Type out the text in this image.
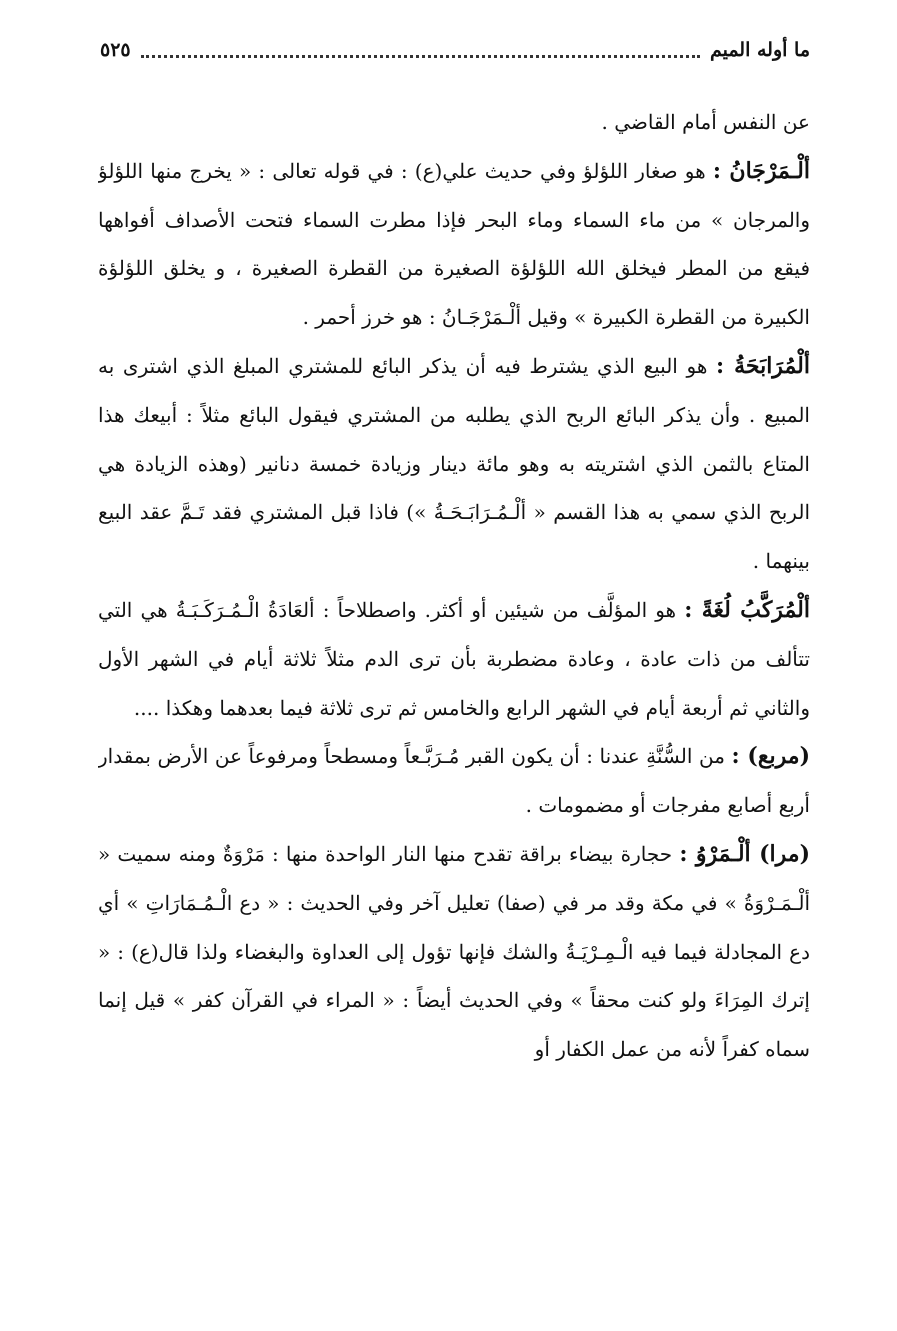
ما أوله الميم
٥٢٥

عن النفس أمام القاضي .

ألْـمَرْجَانُ : هو صغار اللؤلؤ وفي حديث علي(ع) : في قوله تعالى : « يخرج منها اللؤلؤ والمرجان » من ماء السماء وماء البحر فإذا مطرت السماء فتحت الأصداف أفواهها فيقع من المطر فيخلق الله اللؤلؤة الصغيرة من القطرة الصغيرة ، و يخلق اللؤلؤة الكبيرة من القطرة الكبيرة » وقيل ألْـمَرْجَـانُ : هو خرز أحمر .

ألْمُرَابَحَةُ : هو البيع الذي يشترط فيه أن يذكر البائع للمشتري المبلغ الذي اشترى به المبيع . وأن يذكر البائع الربح الذي يطلبه من المشتري فيقول البائع مثلاً : أبيعك هذا المتاع بالثمن الذي اشتريته به وهو مائة دينار وزيادة خمسة دنانير (وهذه الزيادة هي الربح الذي سمي به هذا القسم « ألْـمُـرَابَـحَـةُ ») فاذا قبل المشتري فقد تَـمَّ عقد البيع بينهما .

ألْمُرَكَّبُ لُغَةً : هو المؤلَّف من شيئين أو أكثر. واصطلاحاً : ألعَادَةُ الْـمُـرَكَـبَـةُ هي التي تتألف من ذات عادة ، وعادة مضطربة بأن ترى الدم مثلاً ثلاثة أيام في الشهر الأول والثاني ثم أربعة أيام في الشهر الرابع والخامس ثم ترى ثلاثة فيما بعدهما وهكذا ....

(مربع) : من السُّنَّةِ عندنا : أن يكون القبر مُـرَبَّـعاً ومسطحاً ومرفوعاً عن الأرض بمقدار أربع أصابع مفرجات أو مضمومات .

(مرا) ألْـمَرْوُ : حجارة بيضاء براقة تقدح منها النار الواحدة منها : مَرْوَةٌ ومنه سميت « ألْـمَـرْوَةُ » في مكة وقد مر في (صفا) تعليل آخر وفي الحديث : « دع الْـمُـمَارَاتِ » أي دع المجادلة فيما فيه الْـمِـرْيَـةُ والشك فإنها تؤول إلى العداوة والبغضاء ولذا قال(ع) : « إترك المِرَاءَ ولو كنت محقاً » وفي الحديث أيضاً : « المراء في القرآن كفر » قيل إنما سماه كفراً لأنه من عمل الكفار أو
